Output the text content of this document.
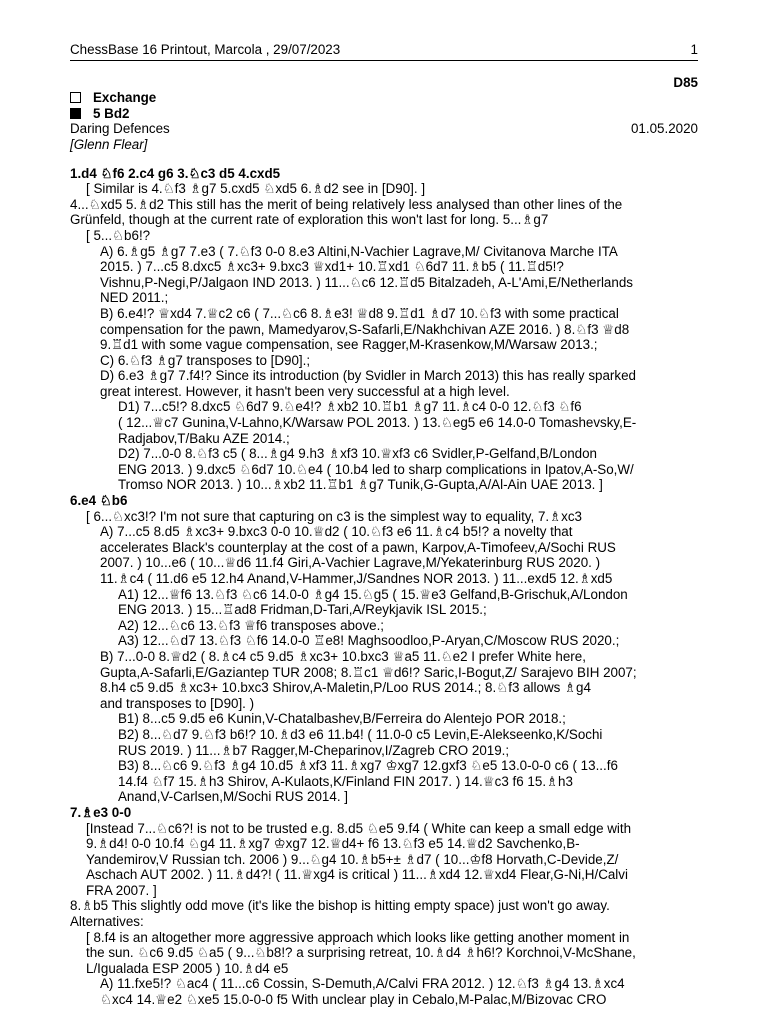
ChessBase 16 Printout, Marcola , 29/07/2023	1
D85
Exchange
5 Bd2
Daring Defences	01.05.2020
[Glenn Flear]
1.d4 ♘f6 2.c4 g6 3.♘c3 d5 4.cxd5
[ Similar is 4.♘f3 ♗g7 5.cxd5 ♘xd5 6.♗d2 see in [D90]. ]
4...♘xd5 5.♗d2 This still has the merit of being relatively less analysed than other lines of the
Grünfeld, though at the current rate of exploration this won't last for long. 5...♗g7
[ 5...♘b6!?
A) 6.♗g5 ♗g7 7.e3 ( 7.♘f3 0-0 8.e3 Altini,N-Vachier Lagrave,M/ Civitanova Marche ITA
2015. ) 7...c5 8.dxc5 ♗xc3+ 9.bxc3 ♕xd1+ 10.♖xd1 ♘6d7 11.♗b5 ( 11.♖d5!?
Vishnu,P-Negi,P/Jalgaon IND 2013. ) 11...♘c6 12.♖d5 Bitalzadeh, A-L'Ami,E/Netherlands
NED 2011.;
B) 6.e4!? ♕xd4 7.♕c2 c6 ( 7...♘c6 8.♗e3! ♕d8 9.♖d1 ♗d7 10.♘f3 with some practical
compensation for the pawn, Mamedyarov,S-Safarli,E/Nakhchivan AZE 2016. ) 8.♘f3 ♕d8
9.♖d1 with some vague compensation, see Ragger,M-Krasenkow,M/Warsaw 2013.;
C) 6.♘f3 ♗g7 transposes to [D90].;
D) 6.e3 ♗g7 7.f4!? Since its introduction (by Svidler in March 2013) this has really sparked
great interest. However, it hasn't been very successful at a high level.
D1) 7...c5!? 8.dxc5 ♘6d7 9.♘e4!? ♗xb2 10.♖b1 ♗g7 11.♗c4 0-0 12.♘f3 ♘f6
( 12...♕c7 Gunina,V-Lahno,K/Warsaw POL 2013. ) 13.♘eg5 e6 14.0-0 Tomashevsky,E-
Radjabov,T/Baku AZE 2014.;
D2) 7...0-0 8.♘f3 c5 ( 8...♗g4 9.h3 ♗xf3 10.♕xf3 c6 Svidler,P-Gelfand,B/London
ENG 2013. ) 9.dxc5 ♘6d7 10.♘e4 ( 10.b4 led to sharp complications in Ipatov,A-So,W/
Tromso NOR 2013. ) 10...♗xb2 11.♖b1 ♗g7 Tunik,G-Gupta,A/Al-Ain UAE 2013. ]
6.e4 ♘b6
[ 6...♘xc3!? I'm not sure that capturing on c3 is the simplest way to equality, 7.♗xc3
A) 7...c5 8.d5 ♗xc3+ 9.bxc3 0-0 10.♕d2 ( 10.♘f3 e6 11.♗c4 b5!? a novelty that
accelerates Black's counterplay at the cost of a pawn, Karpov,A-Timofeev,A/Sochi RUS
2007. ) 10...e6 ( 10...♕d6 11.f4 Giri,A-Vachier Lagrave,M/Yekaterinburg RUS 2020. )
11.♗c4 ( 11.d6 e5 12.h4 Anand,V-Hammer,J/Sandnes NOR 2013. ) 11...exd5 12.♗xd5
A1) 12...♕f6 13.♘f3 ♘c6 14.0-0 ♗g4 15.♘g5 ( 15.♕e3 Gelfand,B-Grischuk,A/London
ENG 2013. ) 15...♖ad8 Fridman,D-Tari,A/Reykjavik ISL 2015.;
A2) 12...♘c6 13.♘f3 ♕f6 transposes above.;
A3) 12...♘d7 13.♘f3 ♘f6 14.0-0 ♖e8! Maghsoodloo,P-Aryan,C/Moscow RUS 2020.;
B) 7...0-0 8.♕d2 ( 8.♗c4 c5 9.d5 ♗xc3+ 10.bxc3 ♕a5 11.♘e2 I prefer White here,
Gupta,A-Safarli,E/Gaziantep TUR 2008; 8.♖c1 ♕d6!? Saric,I-Bogut,Z/ Sarajevo BIH 2007;
8.h4 c5 9.d5 ♗xc3+ 10.bxc3 Shirov,A-Maletin,P/Loo RUS 2014.; 8.♘f3 allows ♗g4
and transposes to [D90]. )
B1) 8...c5 9.d5 e6 Kunin,V-Chatalbashev,B/Ferreira do Alentejo POR 2018.;
B2) 8...♘d7 9.♘f3 b6!? 10.♗d3 e6 11.b4! ( 11.0-0 c5 Levin,E-Alekseenko,K/Sochi
RUS 2019. ) 11...♗b7 Ragger,M-Cheparinov,I/Zagreb CRO 2019.;
B3) 8...♘c6 9.♘f3 ♗g4 10.d5 ♗xf3 11.♗xg7 ♔xg7 12.gxf3 ♘e5 13.0-0-0 c6 ( 13...f6
14.f4 ♘f7 15.♗h3 Shirov, A-Kulaots,K/Finland FIN 2017. ) 14.♕c3 f6 15.♗h3
Anand,V-Carlsen,M/Sochi RUS 2014. ]
7.♗e3 0-0
[Instead 7...♘c6?! is not to be trusted e.g. 8.d5 ♘e5 9.f4 ( White can keep a small edge with
9.♗d4! 0-0 10.f4 ♘g4 11.♗xg7 ♔xg7 12.♕d4+ f6 13.♘f3 e5 14.♕d2 Savchenko,B-
Yandemirov,V Russian tch. 2006 ) 9...♘g4 10.♗b5+± ♗d7 ( 10...♔f8 Horvath,C-Devide,Z/
Aschach AUT 2002. ) 11.♗d4?! ( 11.♕xg4 is critical ) 11...♗xd4 12.♕xd4 Flear,G-Ni,H/Calvi
FRA 2007. ]
8.♗b5 This slightly odd move (it's like the bishop is hitting empty space) just won't go away.
Alternatives:
[ 8.f4 is an altogether more aggressive approach which looks like getting another moment in
the sun. ♘c6 9.d5 ♘a5 ( 9...♘b8!? a surprising retreat, 10.♗d4 ♗h6!? Korchnoi,V-McShane,
L/Igualada ESP 2005 ) 10.♗d4 e5
A) 11.fxe5!? ♘ac4 ( 11...c6 Cossin, S-Demuth,A/Calvi FRA 2012. ) 12.♘f3 ♗g4 13.♗xc4
♘xc4 14.♕e2 ♘xe5 15.0-0-0 f5 With unclear play in Cebalo,M-Palac,M/Bizovac CRO
